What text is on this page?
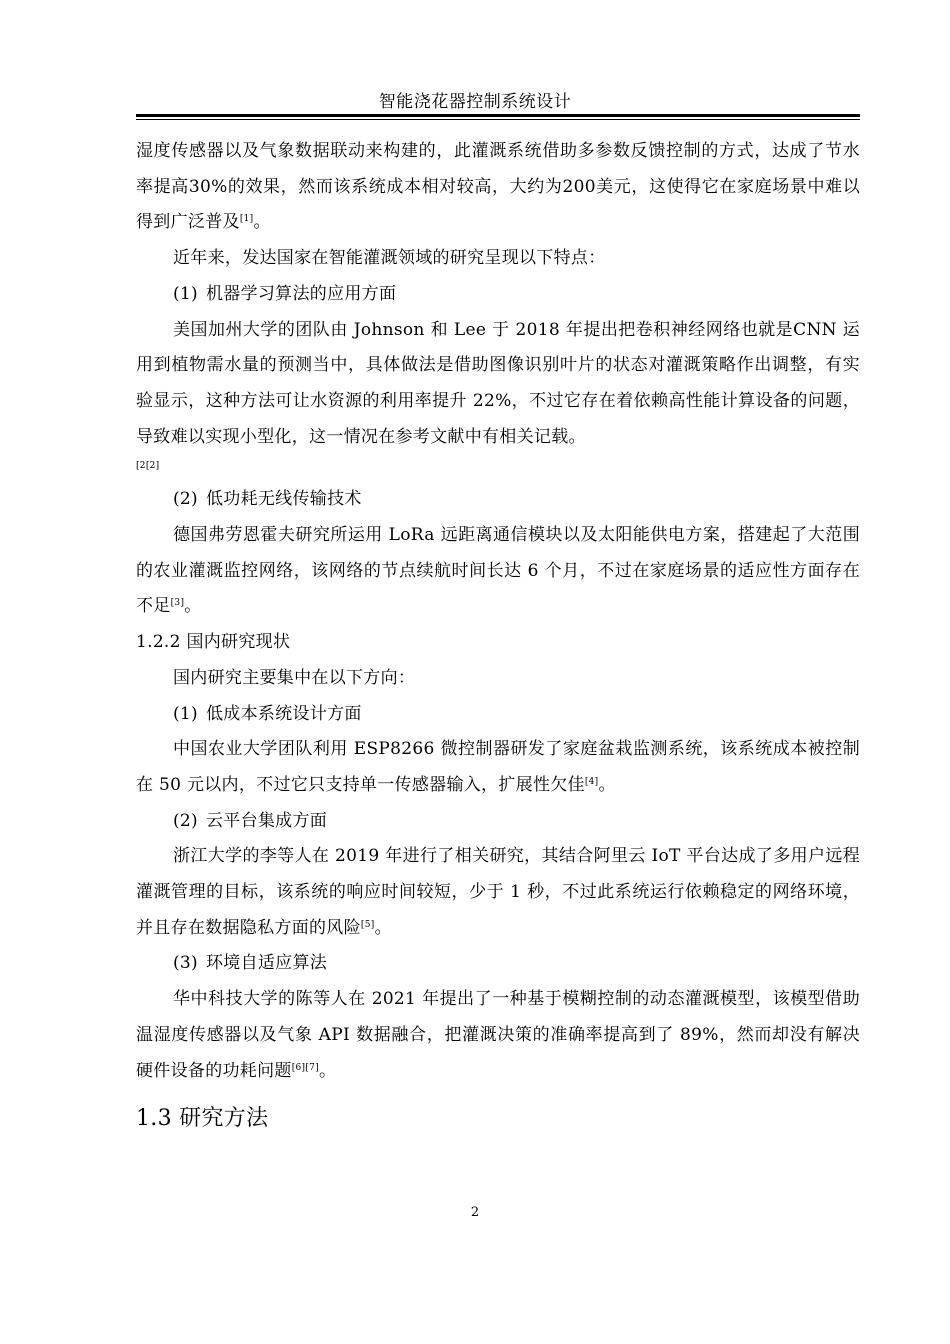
智能浇花器控制系统设计

湿度传感器以及气象数据联动来构建的，此灌溉系统借助多参数反馈控制的方式，达成了节水率提高30%的效果，然而该系统成本相对较高，大约为200美元，这使得它在家庭场景中难以得到广泛普及[1]。

近年来，发达国家在智能灌溉领域的研究呈现以下特点：

(1) 机器学习算法的应用方面

美国加州大学的团队由 Johnson 和 Lee 于 2018 年提出把卷积神经网络也就是CNN 运用到植物需水量的预测当中，具体做法是借助图像识别叶片的状态对灌溉策略作出调整，有实验显示，这种方法可让水资源的利用率提升 22%，不过它存在着依赖高性能计算设备的问题，导致难以实现小型化，这一情况在参考文献中有相关记载。

[2[2]

(2) 低功耗无线传输技术

德国弗劳恩霍夫研究所运用 LoRa 远距离通信模块以及太阳能供电方案，搭建起了大范围的农业灌溉监控网络，该网络的节点续航时间长达 6 个月，不过在家庭场景的适应性方面存在不足[3]。

1.2.2 国内研究现状

国内研究主要集中在以下方向：

(1) 低成本系统设计方面

中国农业大学团队利用 ESP8266 微控制器研发了家庭盆栽监测系统，该系统成本被控制在 50 元以内，不过它只支持单一传感器输入，扩展性欠佳[4]。

(2) 云平台集成方面

浙江大学的李等人在 2019 年进行了相关研究，其结合阿里云 IoT 平台达成了多用户远程灌溉管理的目标，该系统的响应时间较短，少于 1 秒，不过此系统运行依赖稳定的网络环境，并且存在数据隐私方面的风险[5]。

(3) 环境自适应算法

华中科技大学的陈等人在 2021 年提出了一种基于模糊控制的动态灌溉模型，该模型借助温湿度传感器以及气象 API 数据融合，把灌溉决策的准确率提高到了 89%，然而却没有解决硬件设备的功耗问题[6][7]。

1.3 研究方法

2
